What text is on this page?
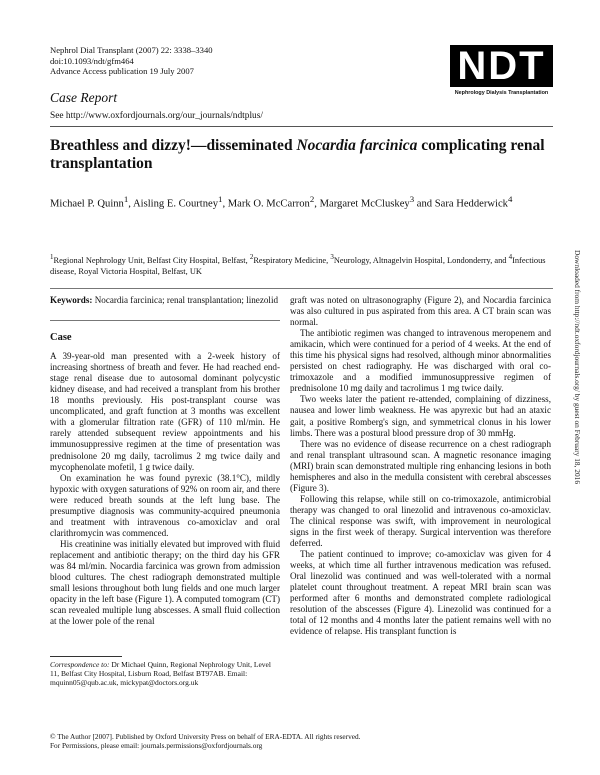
Nephrol Dial Transplant (2007) 22: 3338–3340
doi:10.1093/ndt/gfm464
Advance Access publication 19 July 2007	NDT
Nephrology Dialysis Transplantation
Case Report
See http://www.oxfordjournals.org/our_journals/ndtplus/
Breathless and dizzy!—disseminated Nocardia farcinica complicating renal transplantation
Michael P. Quinn$^1$, Aisling E. Courtney$^1$, Mark O. McCarron$^2$, Margaret McCluskey$^3$ and Sara Hedderwick$^4$
$^1$Regional Nephrology Unit, Belfast City Hospital, Belfast, $^2$Respiratory Medicine, $^3$Neurology, Altnagelvin Hospital, Londonderry, and $^4$Infectious disease, Royal Victoria Hospital, Belfast, UK	Downloaded from http://ndt.oxfordjournals.org/ by guest on February 18, 2016

Keywords: Nocardia farcinica; renal transplantation; linezolid

Case

A 39-year-old man presented with a 2-week history of increasing shortness of breath and fever. He had reached end-stage renal disease due to autosomal dominant polycystic kidney disease, and had received a transplant from his brother 18 months previously. His post-transplant course was uncomplicated, and graft function at 3 months was excellent with a glomerular filtration rate (GFR) of 110 ml/min. He rarely attended subsequent review appointments and his immunosuppressive regimen at the time of presentation was prednisolone 20 mg daily, tacrolimus 2 mg twice daily and mycophenolate mofetil, 1 g twice daily.

On examination he was found pyrexic (38.1°C), mildly hypoxic with oxygen saturations of 92% on room air, and there were reduced breath sounds at the left lung base. The presumptive diagnosis was community-acquired pneumonia and treatment with intravenous co-amoxiclav and oral clarithromycin was commenced.

His creatinine was initially elevated but improved with fluid replacement and antibiotic therapy; on the third day his GFR was 84 ml/min. Nocardia farcinica was grown from admission blood cultures. The chest radiograph demonstrated multiple small lesions throughout both lung fields and one much larger opacity in the left base (Figure 1). A computed tomogram (CT) scan revealed multiple lung abscesses. A small fluid collection at the lower pole of the renal

graft was noted on ultrasonography (Figure 2), and Nocardia farcinica was also cultured in pus aspirated from this area. A CT brain scan was normal.

The antibiotic regimen was changed to intravenous meropenem and amikacin, which were continued for a period of 4 weeks. At the end of this time his physical signs had resolved, although minor abnormalities persisted on chest radiography. He was discharged with oral co-trimoxazole and a modified immunosuppressive regimen of prednisolone 10 mg daily and tacrolimus 1 mg twice daily.

Two weeks later the patient re-attended, complaining of dizziness, nausea and lower limb weakness. He was apyrexic but had an ataxic gait, a positive Romberg's sign, and symmetrical clonus in his lower limbs. There was a postural blood pressure drop of 30 mmHg.

There was no evidence of disease recurrence on a chest radiograph and renal transplant ultrasound scan. A magnetic resonance imaging (MRI) brain scan demonstrated multiple ring enhancing lesions in both hemispheres and also in the medulla consistent with cerebral abscesses (Figure 3).

Following this relapse, while still on co-trimoxazole, antimicrobial therapy was changed to oral linezolid and intravenous co-amoxiclav. The clinical response was swift, with improvement in neurological signs in the first week of therapy. Surgical intervention was therefore deferred.

The patient continued to improve; co-amoxiclav was given for 4 weeks, at which time all further intravenous medication was refused. Oral linezolid was continued and was well-tolerated with a normal platelet count throughout treatment. A repeat MRI brain scan was performed after 6 months and demonstrated complete radiological resolution of the abscesses (Figure 4). Linezolid was continued for a total of 12 months and 4 months later the patient remains well with no evidence of relapse. His transplant function is

Correspondence to: Dr Michael Quinn, Regional Nephrology Unit, Level 11, Belfast City Hospital, Lisburn Road, Belfast BT97AB. Email: mquinn05@qub.ac.uk, mickypat@doctors.org.uk
© The Author [2007]. Published by Oxford University Press on behalf of ERA-EDTA. All rights reserved.
For Permissions, please email: journals.permissions@oxfordjournals.org
